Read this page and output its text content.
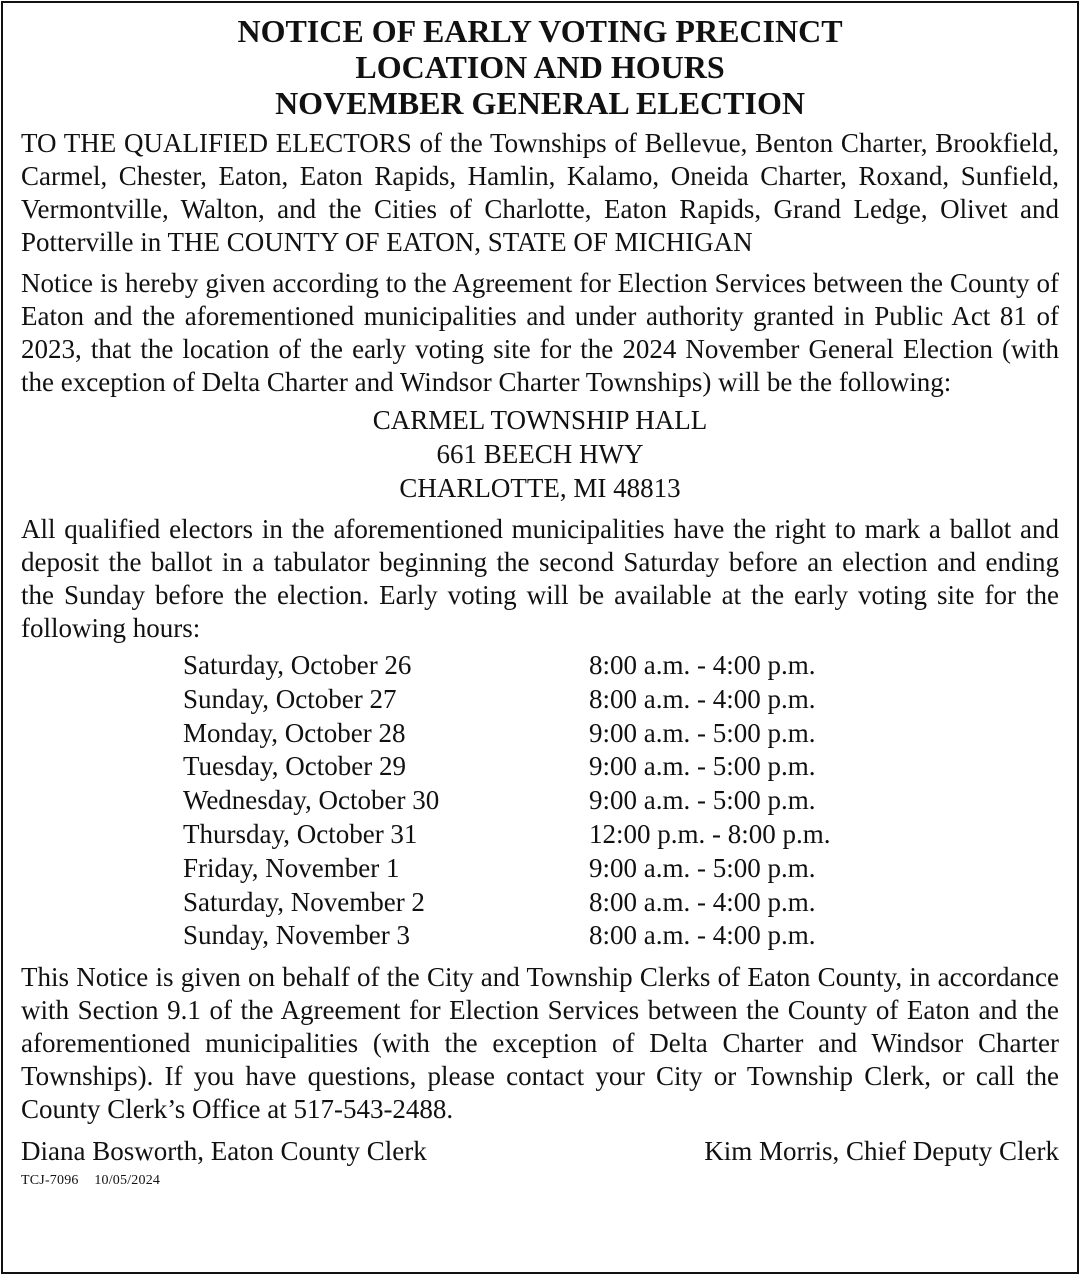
NOTICE OF EARLY VOTING PRECINCT
LOCATION AND HOURS
NOVEMBER GENERAL ELECTION

TO THE QUALIFIED ELECTORS of the Townships of Bellevue, Benton Charter, Brookfield, Carmel, Chester, Eaton, Eaton Rapids, Hamlin, Kalamo, Oneida Charter, Roxand, Sunfield, Vermontville, Walton, and the Cities of Charlotte, Eaton Rapids, Grand Ledge, Olivet and Potterville in THE COUNTY OF EATON, STATE OF MICHIGAN

Notice is hereby given according to the Agreement for Election Services between the County of Eaton and the aforementioned municipalities and under authority granted in Public Act 81 of 2023, that the location of the early voting site for the 2024 November General Election (with the exception of Delta Charter and Windsor Charter Townships) will be the following:

CARMEL TOWNSHIP HALL
661 BEECH HWY
CHARLOTTE, MI 48813

All qualified electors in the aforementioned municipalities have the right to mark a ballot and deposit the ballot in a tabulator beginning the second Saturday before an election and ending the Sunday before the election. Early voting will be available at the early voting site for the following hours:

Saturday, October 26	8:00 a.m. - 4:00 p.m.
Sunday, October 27	8:00 a.m. - 4:00 p.m.
Monday, October 28	9:00 a.m. - 5:00 p.m.
Tuesday, October 29	9:00 a.m. - 5:00 p.m.
Wednesday, October 30	9:00 a.m. - 5:00 p.m.
Thursday, October 31	12:00 p.m. - 8:00 p.m.
Friday, November 1	9:00 a.m. - 5:00 p.m.
Saturday, November 2	8:00 a.m. - 4:00 p.m.
Sunday, November 3	8:00 a.m. - 4:00 p.m.

This Notice is given on behalf of the City and Township Clerks of Eaton County, in accordance with Section 9.1 of the Agreement for Election Services between the County of Eaton and the aforementioned municipalities (with the exception of Delta Charter and Windsor Charter Townships). If you have questions, please contact your City or Township Clerk, or call the County Clerk’s Office at 517-543-2488.

Diana Bosworth, Eaton County Clerk	Kim Morris, Chief Deputy Clerk
TCJ-7096 10/05/2024
